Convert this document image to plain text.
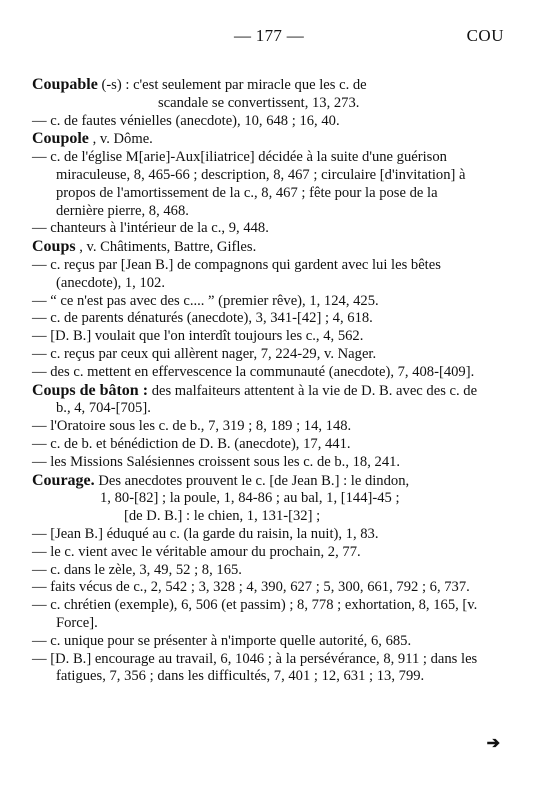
— 177 —	COU
Coupable (-s) : c'est seulement par miracle que les c. de
scandale se convertissent, 13, 273.
— c. de fautes vénielles (anecdote), 10, 648 ; 16, 40.
Coupole , v. Dôme.
— c. de l'église M[arie]-Aux[iliatrice] décidée à la suite d'une guérison miraculeuse, 8, 465-66 ; description, 8, 467 ; circulaire [d'invitation] à propos de l'amortissement de la c., 8, 467 ; fête pour la pose de la dernière pierre, 8, 468.
— chanteurs à l'intérieur de la c., 9, 448.
Coups , v. Châtiments, Battre, Gifles.
— c. reçus par [Jean B.] de compagnons qui gardent avec lui les bêtes (anecdote), 1, 102.
— “ ce n'est pas avec des c.... ” (premier rêve), 1, 124, 425.
— c. de parents dénaturés (anecdote), 3, 341-[42] ; 4, 618.
— [D. B.] voulait que l'on interdît toujours les c., 4, 562.
— c. reçus par ceux qui allèrent nager, 7, 224-29, v. Nager.
— des c. mettent en effervescence la communauté (anecdote), 7, 408-[409].
Coups de bâton : des malfaiteurs attentent à la vie de D. B. avec des c. de b., 4, 704-[705].
— l'Oratoire sous les c. de b., 7, 319 ; 8, 189 ; 14, 148.
— c. de b. et bénédiction de D. B. (anecdote), 17, 441.
— les Missions Salésiennes croissent sous les c. de b., 18, 241.
Courage. Des anecdotes prouvent le c. [de Jean B.] : le dindon,
1, 80-[82] ; la poule, 1, 84-86 ; au bal, 1, [144]-45 ;
[de D. B.] : le chien, 1, 131-[32] ;
— [Jean B.] éduqué au c. (la garde du raisin, la nuit), 1, 83.
— le c. vient avec le véritable amour du prochain, 2, 77.
— c. dans le zèle, 3, 49, 52 ; 8, 165.
— faits vécus de c., 2, 542 ; 3, 328 ; 4, 390, 627 ; 5, 300, 661, 792 ; 6, 737.
— c. chrétien (exemple), 6, 506 (et passim) ; 8, 778 ; exhortation, 8, 165, [v. Force].
— c. unique pour se présenter à n'importe quelle autorité, 6, 685.
— [D. B.] encourage au travail, 6, 1046 ; à la persévérance, 8, 911 ; dans les fatigues, 7, 356 ; dans les difficultés, 7, 401 ; 12, 631 ; 13, 799.
➔
